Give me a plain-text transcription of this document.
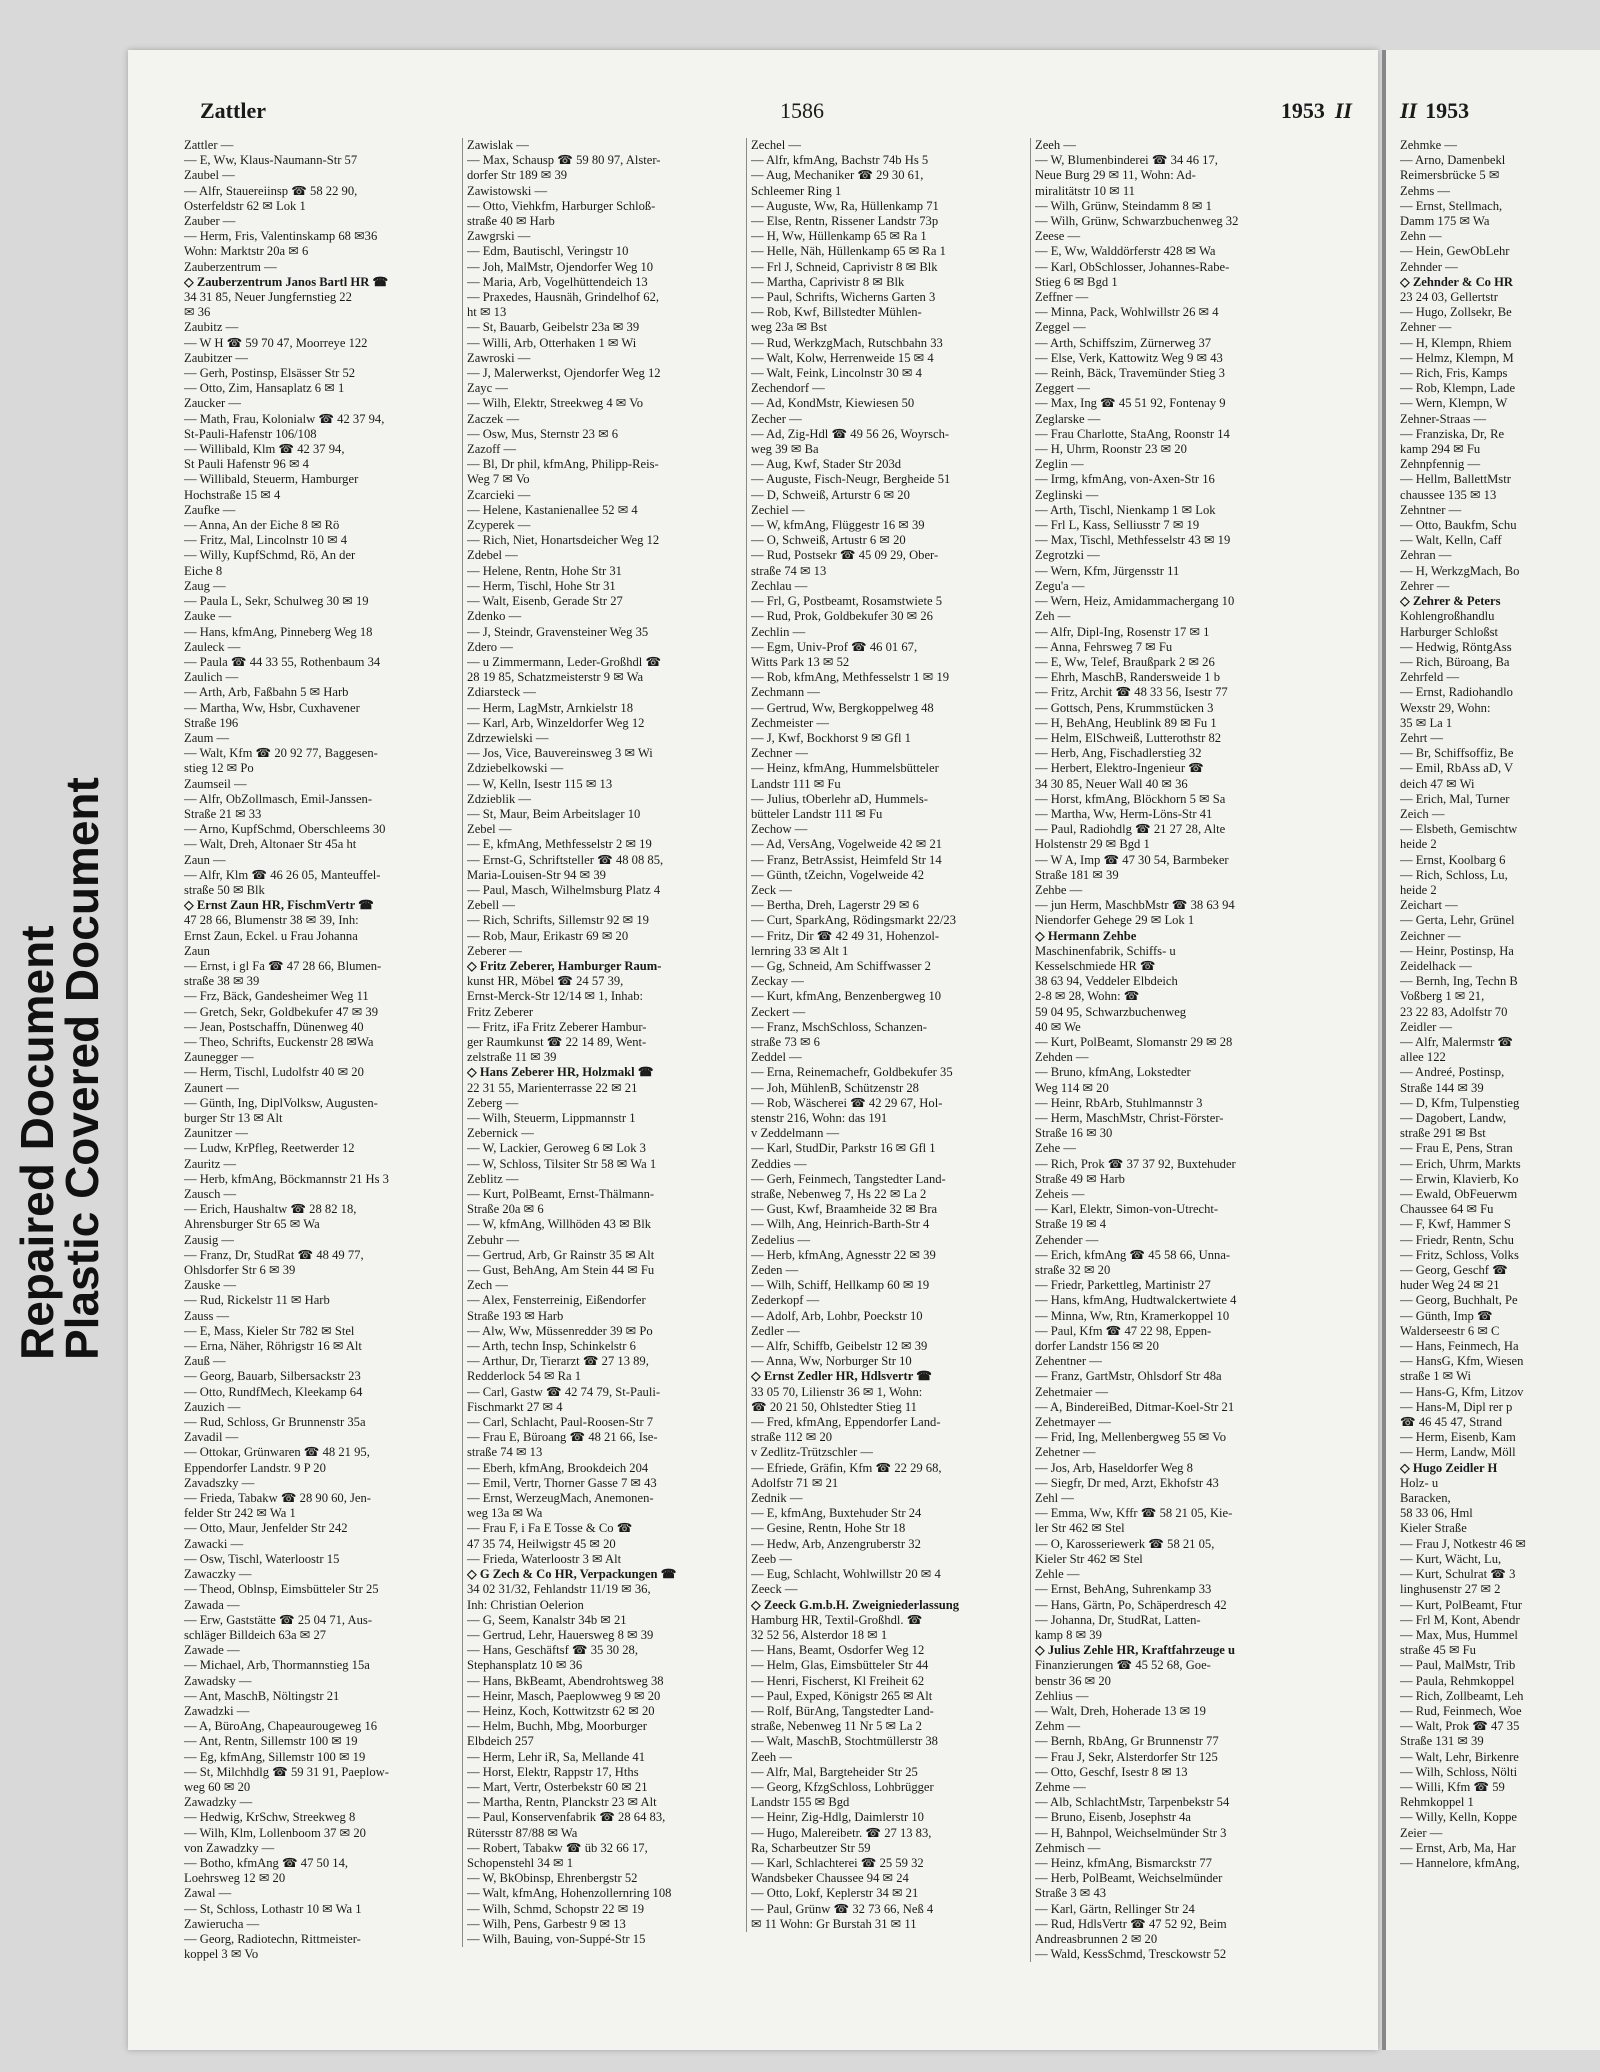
Repaired Document
Plastic Covered Document
Zattler	1586	1953 II
Zattler —
— E, Ww, Klaus-Naumann-Str 57
Zaubel —
— Alfr, Stauereiinsp ☎ 58 22 90,
Osterfeldstr 62 ✉ Lok 1
Zauber —
— Herm, Fris, Valentinskamp 68 ✉36
Wohn: Marktstr 20a ✉ 6
Zauberzentrum —
◇ Zauberzentrum Janos Bartl HR ☎
34 31 85, Neuer Jungfernstieg 22
✉ 36
Zaubitz —
— W H ☎ 59 70 47, Moorreye 122
Zaubitzer —
— Gerh, Postinsp, Elsässer Str 52
— Otto, Zim, Hansaplatz 6 ✉ 1
Zaucker —
— Math, Frau, Kolonialw ☎ 42 37 94,
St-Pauli-Hafenstr 106/108
— Willibald, Klm ☎ 42 37 94,
St Pauli Hafenstr 96 ✉ 4
— Willibald, Steuerm, Hamburger
Hochstraße 15 ✉ 4
Zaufke —
— Anna, An der Eiche 8 ✉ Rö
— Fritz, Mal, Lincolnstr 10 ✉ 4
— Willy, KupfSchmd, Rö, An der
Eiche 8
Zaug —
— Paula L, Sekr, Schulweg 30 ✉ 19
Zauke —
— Hans, kfmAng, Pinneberg Weg 18
Zauleck —
— Paula ☎ 44 33 55, Rothenbaum 34
Zaulich —
— Arth, Arb, Faßbahn 5 ✉ Harb
— Martha, Ww, Hsbr, Cuxhavener
Straße 196
Zaum —
— Walt, Kfm ☎ 20 92 77, Baggesen-
stieg 12 ✉ Po
Zaumseil —
— Alfr, ObZollmasch, Emil-Janssen-
Straße 21 ✉ 33
— Arno, KupfSchmd, Oberschleems 30
— Walt, Dreh, Altonaer Str 45a ht
Zaun —
— Alfr, Klm ☎ 46 26 05, Manteuffel-
straße 50 ✉ Blk
◇ Ernst Zaun HR, FischmVertr ☎
47 28 66, Blumenstr 38 ✉ 39, Inh:
Ernst Zaun, Eckel. u Frau Johanna
Zaun
— Ernst, i gl Fa ☎ 47 28 66, Blumen-
straße 38 ✉ 39
— Frz, Bäck, Gandesheimer Weg 11
— Gretch, Sekr, Goldbekufer 47 ✉ 39
— Jean, Postschaffn, Dünenweg 40
— Theo, Schrifts, Euckenstr 28 ✉Wa
Zaunegger —
— Herm, Tischl, Ludolfstr 40 ✉ 20
Zaunert —
— Günth, Ing, DiplVolksw, Augusten-
burger Str 13 ✉ Alt
Zaunitzer —
— Ludw, KrPfleg, Reetwerder 12
Zauritz —
— Herb, kfmAng, Böckmannstr 21 Hs 3
Zausch —
— Erich, Haushaltw ☎ 28 82 18,
Ahrensburger Str 65 ✉ Wa
Zausig —
— Franz, Dr, StudRat ☎ 48 49 77,
Ohlsdorfer Str 6 ✉ 39
Zauske —
— Rud, Rickelstr 11 ✉ Harb
Zauss —
— E, Mass, Kieler Str 782 ✉ Stel
— Erna, Näher, Röhrigstr 16 ✉ Alt
Zauß —
— Georg, Bauarb, Silbersackstr 23
— Otto, RundfMech, Kleekamp 64
Zauzich —
— Rud, Schloss, Gr Brunnenstr 35a
Zavadil —
— Ottokar, Grünwaren ☎ 48 21 95,
Eppendorfer Landstr. 9 P 20
Zavadszky —
— Frieda, Tabakw ☎ 28 90 60, Jen-
felder Str 242 ✉ Wa 1
— Otto, Maur, Jenfelder Str 242
Zawacki —
— Osw, Tischl, Waterloostr 15
Zawaczky —
— Theod, Oblnsp, Eimsbütteler Str 25
Zawada —
— Erw, Gaststätte ☎ 25 04 71, Aus-
schläger Billdeich 63a ✉ 27
Zawade —
— Michael, Arb, Thormannstieg 15a
Zawadsky —
— Ant, MaschB, Nöltingstr 21
Zawadzki —
— A, BüroAng, Chapeaurougeweg 16
— Ant, Rentn, Sillemstr 100 ✉ 19
— Eg, kfmAng, Sillemstr 100 ✉ 19
— St, Milchhdlg ☎ 59 31 91, Paeplow-
weg 60 ✉ 20
Zawadzky —
— Hedwig, KrSchw, Streekweg 8
— Wilh, Klm, Lollenboom 37 ✉ 20
von Zawadzky —
— Botho, kfmAng ☎ 47 50 14,
Loehrsweg 12 ✉ 20
Zawal —
— St, Schloss, Lothastr 10 ✉ Wa 1
Zawierucha —
— Georg, Radiotechn, Rittmeister-
koppel 3 ✉ Vo
Zawislak —
— Max, Schausp ☎ 59 80 97, Alster-
dorfer Str 189 ✉ 39
Zawistowski —
— Otto, Viehkfm, Harburger Schloß-
straße 40 ✉ Harb
Zawgrski —
— Edm, Bautischl, Veringstr 10
— Joh, MalMstr, Ojendorfer Weg 10
— Maria, Arb, Vogelhüttendeich 13
— Praxedes, Hausnäh, Grindelhof 62,
ht ✉ 13
— St, Bauarb, Geibelstr 23a ✉ 39
— Willi, Arb, Otterhaken 1 ✉ Wi
Zawroski —
— J, Malerwerkst, Ojendorfer Weg 12
Zayc —
— Wilh, Elektr, Streekweg 4 ✉ Vo
Zaczek —
— Osw, Mus, Sternstr 23 ✉ 6
Zazoff —
— Bl, Dr phil, kfmAng, Philipp-Reis-
Weg 7 ✉ Vo
Zcarcieki —
— Helene, Kastanienallee 52 ✉ 4
Zcyperek —
— Rich, Niet, Honartsdeicher Weg 12
Zdebel —
— Helene, Rentn, Hohe Str 31
— Herm, Tischl, Hohe Str 31
— Walt, Eisenb, Gerade Str 27
Zdenko —
— J, Steindr, Gravensteiner Weg 35
Zdero —
— u Zimmermann, Leder-Großhdl ☎
28 19 85, Schatzmeisterstr 9 ✉ Wa
Zdiarsteck —
— Herm, LagMstr, Arnkielstr 18
— Karl, Arb, Winzeldorfer Weg 12
Zdrzewielski —
— Jos, Vice, Bauvereinsweg 3 ✉ Wi
Zdziebelkowski —
— W, Kelln, Isestr 115 ✉ 13
Zdzieblik —
— St, Maur, Beim Arbeitslager 10
Zebel —
— E, kfmAng, Methfesselstr 2 ✉ 19
— Ernst-G, Schriftsteller ☎ 48 08 85,
Maria-Louisen-Str 94 ✉ 39
— Paul, Masch, Wilhelmsburg Platz 4
Zebell —
— Rich, Schrifts, Sillemstr 92 ✉ 19
— Rob, Maur, Erikastr 69 ✉ 20
Zeberer —
◇ Fritz Zeberer, Hamburger Raum-
kunst HR, Möbel ☎ 24 57 39,
Ernst-Merck-Str 12/14 ✉ 1, Inhab:
Fritz Zeberer
— Fritz, iFa Fritz Zeberer Hambur-
ger Raumkunst ☎ 22 14 89, Went-
zelstraße 11 ✉ 39
◇ Hans Zeberer HR, Holzmakl ☎
22 31 55, Marienterrasse 22 ✉ 21
Zeberg —
— Wilh, Steuerm, Lippmannstr 1
Zebernick —
— W, Lackier, Geroweg 6 ✉ Lok 3
— W, Schloss, Tilsiter Str 58 ✉ Wa 1
Zeblitz —
— Kurt, PolBeamt, Ernst-Thälmann-
Straße 20a ✉ 6
— W, kfmAng, Willhöden 43 ✉ Blk
Zebuhr —
— Gertrud, Arb, Gr Rainstr 35 ✉ Alt
— Gust, BehAng, Am Stein 44 ✉ Fu
Zech —
— Alex, Fensterreinig, Eißendorfer
Straße 193 ✉ Harb
— Alw, Ww, Müssenredder 39 ✉ Po
— Arth, techn Insp, Schinkelstr 6
— Arthur, Dr, Tierarzt ☎ 27 13 89,
Redderlock 54 ✉ Ra 1
— Carl, Gastw ☎ 42 74 79, St-Pauli-
Fischmarkt 27 ✉ 4
— Carl, Schlacht, Paul-Roosen-Str 7
— Frau E, Büroang ☎ 48 21 66, Ise-
straße 74 ✉ 13
— Eberh, kfmAng, Brookdeich 204
— Emil, Vertr, Thorner Gasse 7 ✉ 43
— Ernst, WerzeugMach, Anemonen-
weg 13a ✉ Wa
— Frau F, i Fa E Tosse & Co ☎
47 35 74, Heilwigstr 45 ✉ 20
— Frieda, Waterloostr 3 ✉ Alt
◇ G Zech & Co HR, Verpackungen ☎
34 02 31/32, Fehlandstr 11/19 ✉ 36,
Inh: Christian Oelerion
— G, Seem, Kanalstr 34b ✉ 21
— Gertrud, Lehr, Hauersweg 8 ✉ 39
— Hans, Geschäftsf ☎ 35 30 28,
Stephansplatz 10 ✉ 36
— Hans, BkBeamt, Abendrohtsweg 38
— Heinr, Masch, Paeplowweg 9 ✉ 20
— Heinz, Koch, Kottwitzstr 62 ✉ 20
— Helm, Buchh, Mbg, Moorburger
Elbdeich 257
— Herm, Lehr iR, Sa, Mellande 41
— Horst, Elektr, Rappstr 17, Hths
— Mart, Vertr, Osterbekstr 60 ✉ 21
— Martha, Rentn, Planckstr 23 ✉ Alt
— Paul, Konservenfabrik ☎ 28 64 83,
Rütersstr 87/88 ✉ Wa
— Robert, Tabakw ☎ üb 32 66 17,
Schopenstehl 34 ✉ 1
— W, BkObinsp, Ehrenbergstr 52
— Walt, kfmAng, Hohenzollernring 108
— Wilh, Schmd, Schopstr 22 ✉ 19
— Wilh, Pens, Garbestr 9 ✉ 13
— Wilh, Bauing, von-Suppé-Str 15
Zechel —
— Alfr, kfmAng, Bachstr 74b Hs 5
— Aug, Mechaniker ☎ 29 30 61,
Schleemer Ring 1
— Auguste, Ww, Ra, Hüllenkamp 71
— Else, Rentn, Rissener Landstr 73p
— H, Ww, Hüllenkamp 65 ✉ Ra 1
— Helle, Näh, Hüllenkamp 65 ✉ Ra 1
— Frl J, Schneid, Caprivistr 8 ✉ Blk
— Martha, Caprivistr 8 ✉ Blk
— Paul, Schrifts, Wicherns Garten 3
— Rob, Kwf, Billstedter Mühlen-
weg 23a ✉ Bst
— Rud, WerkzgMach, Rutschbahn 33
— Walt, Kolw, Herrenweide 15 ✉ 4
— Walt, Feink, Lincolnstr 30 ✉ 4
Zechendorf —
— Ad, KondMstr, Kiewiesen 50
Zecher —
— Ad, Zig-Hdl ☎ 49 56 26, Woyrsch-
weg 39 ✉ Ba
— Aug, Kwf, Stader Str 203d
— Auguste, Fisch-Neugr, Bergheide 51
— D, Schweiß, Arturstr 6 ✉ 20
Zechiel —
— W, kfmAng, Flüggestr 16 ✉ 39
— O, Schweiß, Artustr 6 ✉ 20
— Rud, Postsekr ☎ 45 09 29, Ober-
straße 74 ✉ 13
Zechlau —
— Frl, G, Postbeamt, Rosamstwiete 5
— Rud, Prok, Goldbekufer 30 ✉ 26
Zechlin —
— Egm, Univ-Prof ☎ 46 01 67,
Witts Park 13 ✉ 52
— Rob, kfmAng, Methfesselstr 1 ✉ 19
Zechmann —
— Gertrud, Ww, Bergkoppelweg 48
Zechmeister —
— J, Kwf, Bockhorst 9 ✉ Gfl 1
Zechner —
— Heinz, kfmAng, Hummelsbütteler
Landstr 111 ✉ Fu
— Julius, tOberlehr aD, Hummels-
bütteler Landstr 111 ✉ Fu
Zechow —
— Ad, VersAng, Vogelweide 42 ✉ 21
— Franz, BetrAssist, Heimfeld Str 14
— Günth, tZeichn, Vogelweide 42
Zeck —
— Bertha, Dreh, Lagerstr 29 ✉ 6
— Curt, SparkAng, Rödingsmarkt 22/23
— Fritz, Dir ☎ 42 49 31, Hohenzol-
lernring 33 ✉ Alt 1
— Gg, Schneid, Am Schiffwasser 2
Zeckay —
— Kurt, kfmAng, Benzenbergweg 10
Zeckert —
— Franz, MschSchloss, Schanzen-
straße 73 ✉ 6
Zeddel —
— Erna, Reinemachefr, Goldbekufer 35
— Joh, MühlenB, Schützenstr 28
— Rob, Wäscherei ☎ 42 29 67, Hol-
stenstr 216, Wohn: das 191
v Zeddelmann —
— Karl, StudDir, Parkstr 16 ✉ Gfl 1
Zeddies —
— Gerh, Feinmech, Tangstedter Land-
straße, Nebenweg 7, Hs 22 ✉ La 2
— Gust, Kwf, Braamheide 32 ✉ Bra
— Wilh, Ang, Heinrich-Barth-Str 4
Zedelius —
— Herb, kfmAng, Agnesstr 22 ✉ 39
Zeden —
— Wilh, Schiff, Hellkamp 60 ✉ 19
Zederkopf —
— Adolf, Arb, Lohbr, Poeckstr 10
Zedler —
— Alfr, Schiffb, Geibelstr 12 ✉ 39
— Anna, Ww, Norburger Str 10
◇ Ernst Zedler HR, Hdlsvertr ☎
33 05 70, Lilienstr 36 ✉ 1, Wohn:
☎ 20 21 50, Ohlstedter Stieg 11
— Fred, kfmAng, Eppendorfer Land-
straße 112 ✉ 20
v Zedlitz-Trützschler —
— Efriede, Gräfin, Kfm ☎ 22 29 68,
Adolfstr 71 ✉ 21
Zednik —
— E, kfmAng, Buxtehuder Str 24
— Gesine, Rentn, Hohe Str 18
— Hedw, Arb, Anzengruberstr 32
Zeeb —
— Eug, Schlacht, Wohlwillstr 20 ✉ 4
Zeeck —
◇ Zeeck G.m.b.H. Zweigniederlassung
Hamburg HR, Textil-Großhdl. ☎
32 52 56, Alsterdor 18 ✉ 1
— Hans, Beamt, Osdorfer Weg 12
— Helm, Glas, Eimsbütteler Str 44
— Henri, Fischerst, Kl Freiheit 62
— Paul, Exped, Königstr 265 ✉ Alt
— Rolf, BürAng, Tangstedter Land-
straße, Nebenweg 11 Nr 5 ✉ La 2
— Walt, MaschB, Stochtmüllerstr 38
Zeeh —
— Alfr, Mal, Bargteheider Str 25
— Georg, KfzgSchloss, Lohbrügger
Landstr 155 ✉ Bgd
— Heinr, Zig-Hdlg, Daimlerstr 10
— Hugo, Malereibetr. ☎ 27 13 83,
Ra, Scharbeutzer Str 59
— Karl, Schlachterei ☎ 25 59 32
Wandsbeker Chaussee 94 ✉ 24
— Otto, Lokf, Keplerstr 34 ✉ 21
— Paul, Grünw ☎ 32 73 66, Neß 4
✉ 11 Wohn: Gr Burstah 31 ✉ 11
Zeeh —
— W, Blumenbinderei ☎ 34 46 17,
Neue Burg 29 ✉ 11, Wohn: Ad-
miralitätstr 10 ✉ 11
— Wilh, Grünw, Steindamm 8 ✉ 1
— Wilh, Grünw, Schwarzbuchenweg 32
Zeese —
— E, Ww, Walddörferstr 428 ✉ Wa
— Karl, ObSchlosser, Johannes-Rabe-
Stieg 6 ✉ Bgd 1
Zeffner —
— Minna, Pack, Wohlwillstr 26 ✉ 4
Zeggel —
— Arth, Schiffszim, Zürnerweg 37
— Else, Verk, Kattowitz Weg 9 ✉ 43
— Reinh, Bäck, Travemünder Stieg 3
Zeggert —
— Max, Ing ☎ 45 51 92, Fontenay 9
Zeglarske —
— Frau Charlotte, StaAng, Roonstr 14
— H, Uhrm, Roonstr 23 ✉ 20
Zeglin —
— Irmg, kfmAng, von-Axen-Str 16
Zeglinski —
— Arth, Tischl, Nienkamp 1 ✉ Lok
— Frl L, Kass, Selliusstr 7 ✉ 19
— Max, Tischl, Methfesselstr 43 ✉ 19
Zegrotzki —
— Wern, Kfm, Jürgensstr 11
Zegu'a —
— Wern, Heiz, Amidammachergang 10
Zeh —
— Alfr, Dipl-Ing, Rosenstr 17 ✉ 1
— Anna, Fehrsweg 7 ✉ Fu
— E, Ww, Telef, Braußpark 2 ✉ 26
— Ehrh, MaschB, Randersweide 1 b
— Fritz, Archit ☎ 48 33 56, Isestr 77
— Gottsch, Pens, Krummstücken 3
— H, BehAng, Heublink 89 ✉ Fu 1
— Helm, ElSchweiß, Lutterothstr 82
— Herb, Ang, Fischadlerstieg 32
— Herbert, Elektro-Ingenieur ☎
34 30 85, Neuer Wall 40 ✉ 36
— Horst, kfmAng, Blöckhorn 5 ✉ Sa
— Martha, Ww, Herm-Löns-Str 41
— Paul, Radiohdlg ☎ 21 27 28, Alte
Holstenstr 29 ✉ Bgd 1
— W A, Imp ☎ 47 30 54, Barmbeker
Straße 181 ✉ 39
Zehbe —
— jun Herm, MaschbMstr ☎ 38 63 94
Niendorfer Gehege 29 ✉ Lok 1
◇ Hermann Zehbe
Maschinenfabrik, Schiffs- u
Kesselschmiede HR ☎
38 63 94, Veddeler Elbdeich
2-8 ✉ 28, Wohn: ☎
59 04 95, Schwarzbuchenweg
40 ✉ We
— Kurt, PolBeamt, Slomanstr 29 ✉ 28
Zehden —
— Bruno, kfmAng, Lokstedter
Weg 114 ✉ 20
— Heinr, RbArb, Stuhlmannstr 3
— Herm, MaschMstr, Christ-Förster-
Straße 16 ✉ 30
Zehe —
— Rich, Prok ☎ 37 37 92, Buxtehuder
Straße 49 ✉ Harb
Zeheis —
— Karl, Elektr, Simon-von-Utrecht-
Straße 19 ✉ 4
Zehender —
— Erich, kfmAng ☎ 45 58 66, Unna-
straße 32 ✉ 20
— Friedr, Parkettleg, Martinistr 27
— Hans, kfmAng, Hudtwalckertwiete 4
— Minna, Ww, Rtn, Kramerkoppel 10
— Paul, Kfm ☎ 47 22 98, Eppen-
dorfer Landstr 156 ✉ 20
Zehentner —
— Franz, GartMstr, Ohlsdorf Str 48a
Zehetmaier —
— A, BindereiBed, Ditmar-Koel-Str 21
Zehetmayer —
— Frid, Ing, Mellenbergweg 55 ✉ Vo
Zehetner —
— Jos, Arb, Haseldorfer Weg 8
— Siegfr, Dr med, Arzt, Ekhofstr 43
Zehl —
— Emma, Ww, Kffr ☎ 58 21 05, Kie-
ler Str 462 ✉ Stel
— O, Karosseriewerk ☎ 58 21 05,
Kieler Str 462 ✉ Stel
Zehle —
— Ernst, BehAng, Suhrenkamp 33
— Hans, Gärtn, Po, Schäperdresch 42
— Johanna, Dr, StudRat, Latten-
kamp 8 ✉ 39
◇ Julius Zehle HR, Kraftfahrzeuge u
Finanzierungen ☎ 45 52 68, Goe-
benstr 36 ✉ 20
Zehlius —
— Walt, Dreh, Hoherade 13 ✉ 19
Zehm —
— Bernh, RbAng, Gr Brunnenstr 77
— Frau J, Sekr, Alsterdorfer Str 125
— Otto, Geschf, Isestr 8 ✉ 13
Zehme —
— Alb, SchlachtMstr, Tarpenbekstr 54
— Bruno, Eisenb, Josephstr 4a
— H, Bahnpol, Weichselmünder Str 3
Zehmisch —
— Heinz, kfmAng, Bismarckstr 77
— Herb, PolBeamt, Weichselmünder
Straße 3 ✉ 43
— Karl, Gärtn, Rellinger Str 24
— Rud, HdlsVertr ☎ 47 52 92, Beim
Andreasbrunnen 2 ✉ 20
— Wald, KessSchmd, Tresckowstr 52
II 1953
Zehmke —
— Arno, Damenbekl
Reimersbrücke 5 ✉
Zehms —
— Ernst, Stellmach,
Damm 175 ✉ Wa
Zehn —
— Hein, GewObLehr
Zehnder —
◇ Zehnder & Co HR
23 24 03, Gellertstr
— Hugo, Zollsekr, Be
Zehner —
— H, Klempn, Rhiem
— Helmz, Klempn, M
— Rich, Fris, Kamps
— Rob, Klempn, Lade
— Wern, Klempn, W
Zehner-Straas —
— Franziska, Dr, Re
kamp 294 ✉ Fu
Zehnpfennig —
— Hellm, BallettMstr
chaussee 135 ✉ 13
Zehntner —
— Otto, Baukfm, Schu
— Walt, Kelln, Caff
Zehran —
— H, WerkzgMach, Bo
Zehrer —
◇ Zehrer & Peters
Kohlengroßhandlu
Harburger Schloßst
— Hedwig, RöntgAss
— Rich, Büroang, Ba
Zehrfeld —
— Ernst, Radiohandlo
Wexstr 29, Wohn:
35 ✉ La 1
Zehrt —
— Br, Schiffsoffiz, Be
— Emil, RbAss aD, V
deich 47 ✉ Wi
— Erich, Mal, Turner
Zeich —
— Elsbeth, Gemischtw
heide 2
— Ernst, Koolbarg 6
— Rich, Schloss, Lu,
heide 2
Zeichart —
— Gerta, Lehr, Grünel
Zeichner —
— Heinr, Postinsp, Ha
Zeidelhack —
— Bernh, Ing, Techn B
Voßberg 1 ✉ 21,
23 22 83, Adolfstr 70
Zeidler —
— Alfr, Malermstr ☎
allee 122
— Andreé, Postinsp,
Straße 144 ✉ 39
— D, Kfm, Tulpenstieg
— Dagobert, Landw,
straße 291 ✉ Bst
— Frau E, Pens, Stran
— Erich, Uhrm, Markts
— Erwin, Klavierb, Ko
— Ewald, ObFeuerwm
Chaussee 64 ✉ Fu
— F, Kwf, Hammer S
— Friedr, Rentn, Schu
— Fritz, Schloss, Volks
— Georg, Geschf ☎
huder Weg 24 ✉ 21
— Georg, Buchhalt, Pe
— Günth, Imp ☎
Walderseestr 6 ✉ C
— Hans, Feinmech, Ha
— HansG, Kfm, Wiesen
straße 1 ✉ Wi
— Hans-G, Kfm, Litzov
— Hans-M, Dipl rer p
☎ 46 45 47, Strand
— Herm, Eisenb, Kam
— Herm, Landw, Möll
◇ Hugo Zeidler H
Holz- u
Baracken,
58 33 06, Hml
Kieler Straße
— Frau J, Notkestr 46 ✉
— Kurt, Wächt, Lu,
— Kurt, Schulrat ☎ 3
linghusenstr 27 ✉ 2
— Kurt, PolBeamt, Ftur
— Frl M, Kont, Abendr
— Max, Mus, Hummel
straße 45 ✉ Fu
— Paul, MalMstr, Trib
— Paula, Rehmkoppel
— Rich, Zollbeamt, Leh
— Rud, Feinmech, Woe
— Walt, Prok ☎ 47 35
Straße 131 ✉ 39
— Walt, Lehr, Birkenre
— Wilh, Schloss, Nölti
— Willi, Kfm ☎ 59
Rehmkoppel 1
— Willy, Kelln, Koppe
Zeier —
— Ernst, Arb, Ma, Har
— Hannelore, kfmAng,
